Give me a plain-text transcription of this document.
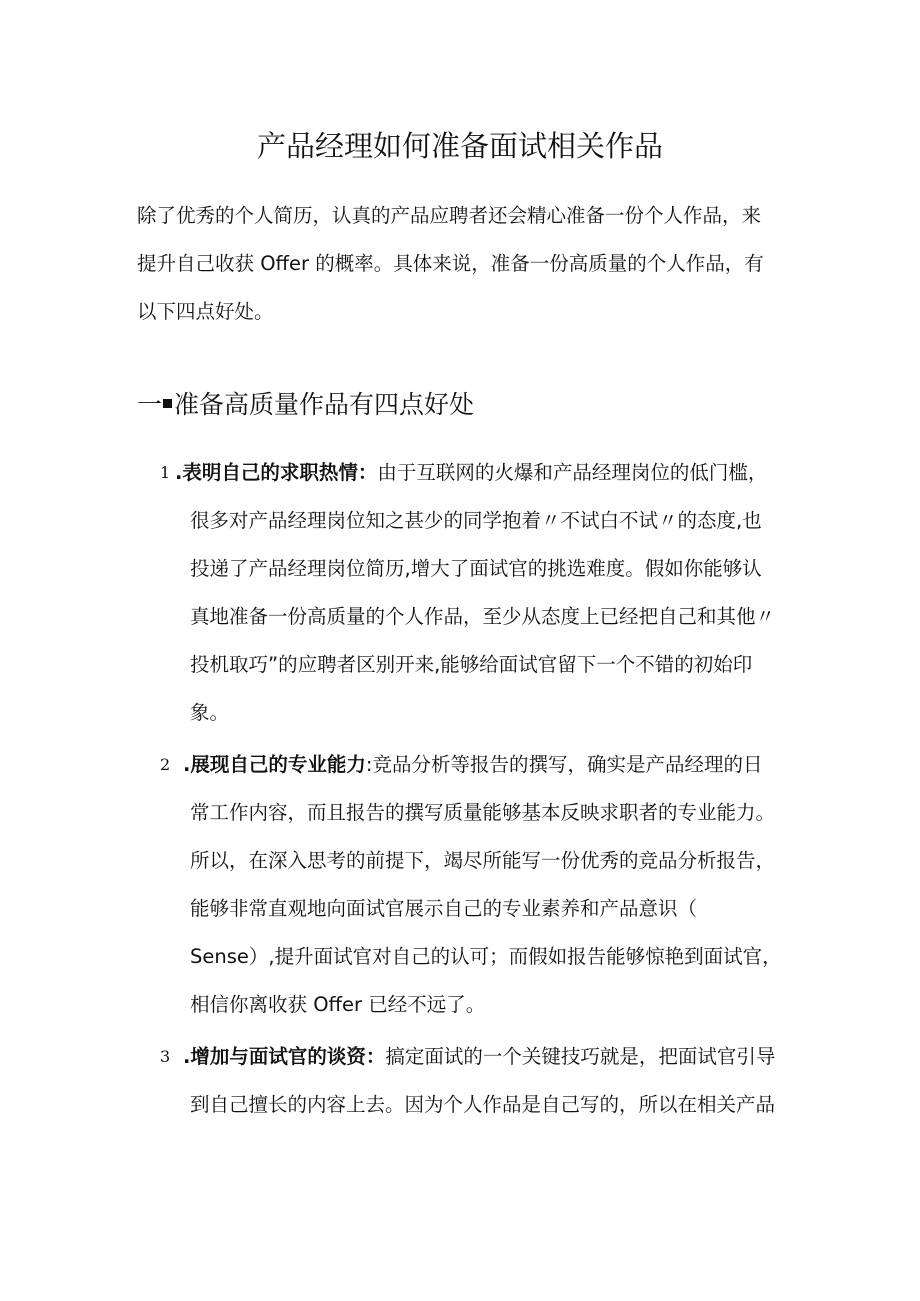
产品经理如何准备面试相关作品

除了优秀的个人简历，认真的产品应聘者还会精心准备一份个人作品，来
提升自己收获 Offer 的概率。具体来说，准备一份高质量的个人作品，有
以下四点好处。

一 准备高质量作品有四点好处
1 .表明自己的求职热情：由于互联网的火爆和产品经理岗位的低门槛，
很多对产品经理岗位知之甚少的同学抱着〃不试白不试〃的态度,也
投递了产品经理岗位简历,增大了面试官的挑选难度。假如你能够认
真地准备一份高质量的个人作品，至少从态度上已经把自己和其他〃
投机取巧”的应聘者区别开来,能够给面试官留下一个不错的初始印
象。
2 .展现自己的专业能力:竞品分析等报告的撰写，确实是产品经理的日
常工作内容，而且报告的撰写质量能够基本反映求职者的专业能力。
所以，在深入思考的前提下，竭尽所能写一份优秀的竞品分析报告，
能够非常直观地向面试官展示自己的专业素养和产品意识（
Sense）,提升面试官对自己的认可；而假如报告能够惊艳到面试官，
相信你离收获 Offer 已经不远了。
3 .增加与面试官的谈资：搞定面试的一个关键技巧就是，把面试官引导
到自己擅长的内容上去。因为个人作品是自己写的，所以在相关产品
